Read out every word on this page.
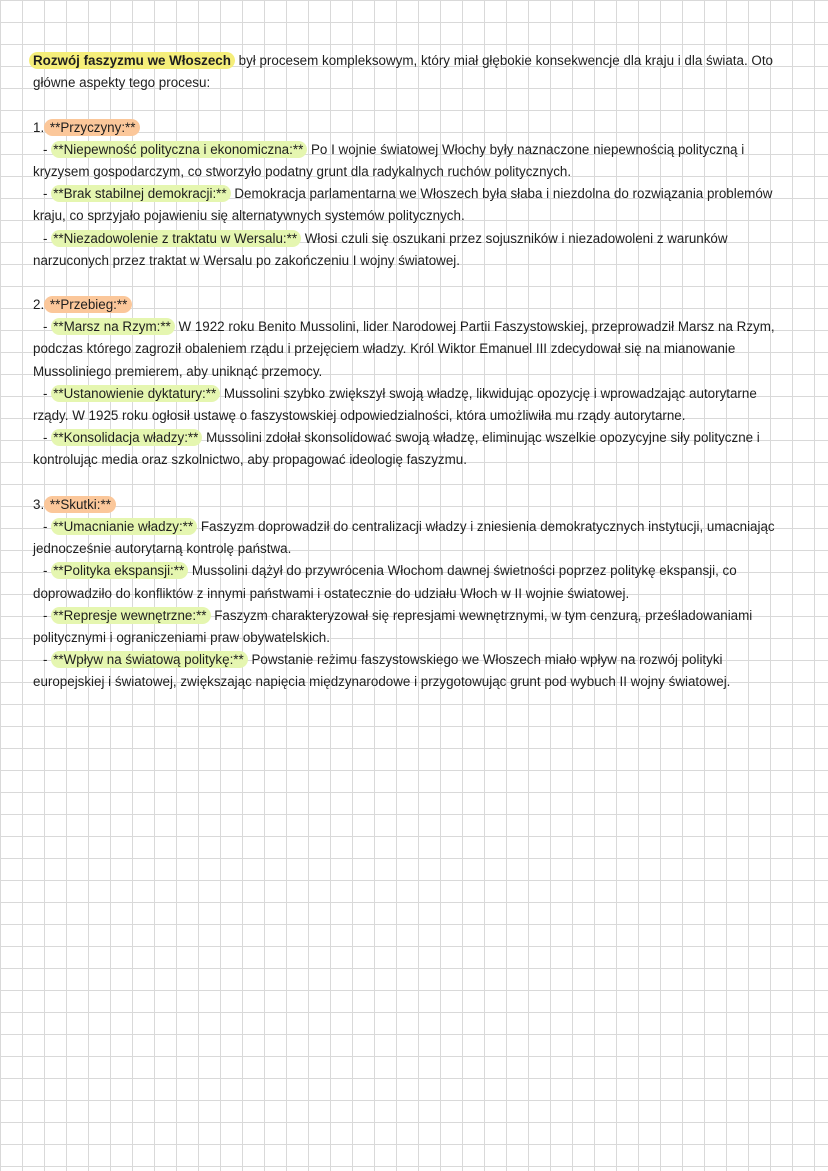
Rozwój faszyzmu we Włoszech był procesem kompleksowym, który miał głębokie konsekwencje dla kraju i dla świata. Oto
główne aspekty tego procesu:
1. **Przyczyny:**
- **Niepewność polityczna i ekonomiczna:** Po I wojnie światowej Włochy były naznaczone niepewnością polityczną i
kryzysem gospodarczym, co stworzyło podatny grunt dla radykalnych ruchów politycznych.
- **Brak stabilnej demokracji:** Demokracja parlamentarna we Włoszech była słaba i niezdolna do rozwiązania problemów
kraju, co sprzyjało pojawieniu się alternatywnych systemów politycznych.
- **Niezadowolenie z traktatu w Wersalu:** Włosi czuli się oszukani przez sojuszników i niezadowoleni z warunków
narzuconych przez traktat w Wersalu po zakończeniu I wojny światowej.
2. **Przebieg:**
- **Marsz na Rzym:** W 1922 roku Benito Mussolini, lider Narodowej Partii Faszystowskiej, przeprowadził Marsz na Rzym,
podczas którego zagroził obaleniem rządu i przejęciem władzy. Król Wiktor Emanuel III zdecydował się na mianowanie
Mussoliniego premierem, aby uniknąć przemocy.
- **Ustanowienie dyktatury:** Mussolini szybko zwiększył swoją władzę, likwidując opozycję i wprowadzając autorytarne
rządy. W 1925 roku ogłosił ustawę o faszystowskiej odpowiedzialności, która umożliwiła mu rządy autorytarne.
- **Konsolidacja władzy:** Mussolini zdołał skonsolidować swoją władzę, eliminując wszelkie opozycyjne siły polityczne i
kontrolując media oraz szkolnictwo, aby propagować ideologię faszyzmu.
3. **Skutki:**
- **Umacnianie władzy:** Faszyzm doprowadził do centralizacji władzy i zniesienia demokratycznych instytucji, umacniając
jednocześnie autorytarną kontrolę państwa.
- **Polityka ekspansji:** Mussolini dążył do przywrócenia Włochom dawnej świetności poprzez politykę ekspansji, co
doprowadziło do konfliktów z innymi państwami i ostatecznie do udziału Włoch w II wojnie światowej.
- **Represje wewnętrzne:** Faszyzm charakteryzował się represjami wewnętrznymi, w tym cenzurą, prześladowaniami
politycznymi i ograniczeniami praw obywatelskich.
- **Wpływ na światową politykę:** Powstanie reżimu faszystowskiego we Włoszech miało wpływ na rozwój polityki
europejskiej i światowej, zwiększając napięcia międzynarodowe i przygotowując grunt pod wybuch II wojny światowej.
